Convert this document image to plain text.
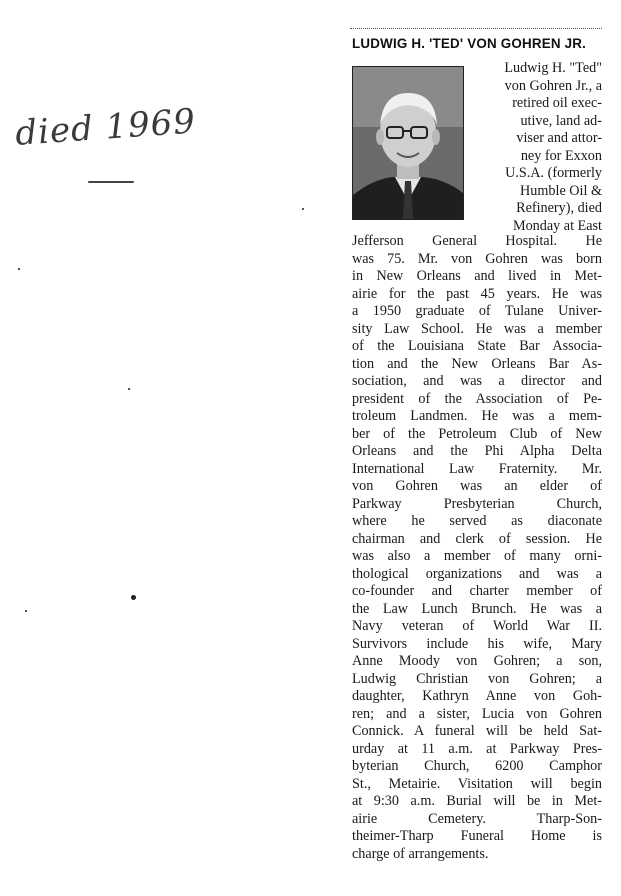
died 1969
LUDWIG H. 'TED' VON GOHREN JR.
Ludwig H. "Ted"
von Gohren Jr., a
retired oil exec-
utive, land ad-
viser and attor-
ney for Exxon
U.S.A. (formerly
Humble Oil &
Refinery), died
Monday at East
Jefferson General Hospital. He
was 75. Mr. von Gohren was born
in New Orleans and lived in Met-
airie for the past 45 years. He was
a 1950 graduate of Tulane Univer-
sity Law School. He was a member
of the Louisiana State Bar Associa-
tion and the New Orleans Bar As-
sociation, and was a director and
president of the Association of Pe-
troleum Landmen. He was a mem-
ber of the Petroleum Club of New
Orleans and the Phi Alpha Delta
International Law Fraternity. Mr.
von Gohren was an elder of
Parkway Presbyterian Church,
where he served as diaconate
chairman and clerk of session. He
was also a member of many orni-
thological organizations and was a
co-founder and charter member of
the Law Lunch Brunch. He was a
Navy veteran of World War II.
Survivors include his wife, Mary
Anne Moody von Gohren; a son,
Ludwig Christian von Gohren; a
daughter, Kathryn Anne von Goh-
ren; and a sister, Lucia von Gohren
Connick. A funeral will be held Sat-
urday at 11 a.m. at Parkway Pres-
byterian Church, 6200 Camphor
St., Metairie. Visitation will begin
at 9:30 a.m. Burial will be in Met-
airie Cemetery. Tharp-Son-
theimer-Tharp Funeral Home is
charge of arrangements.
